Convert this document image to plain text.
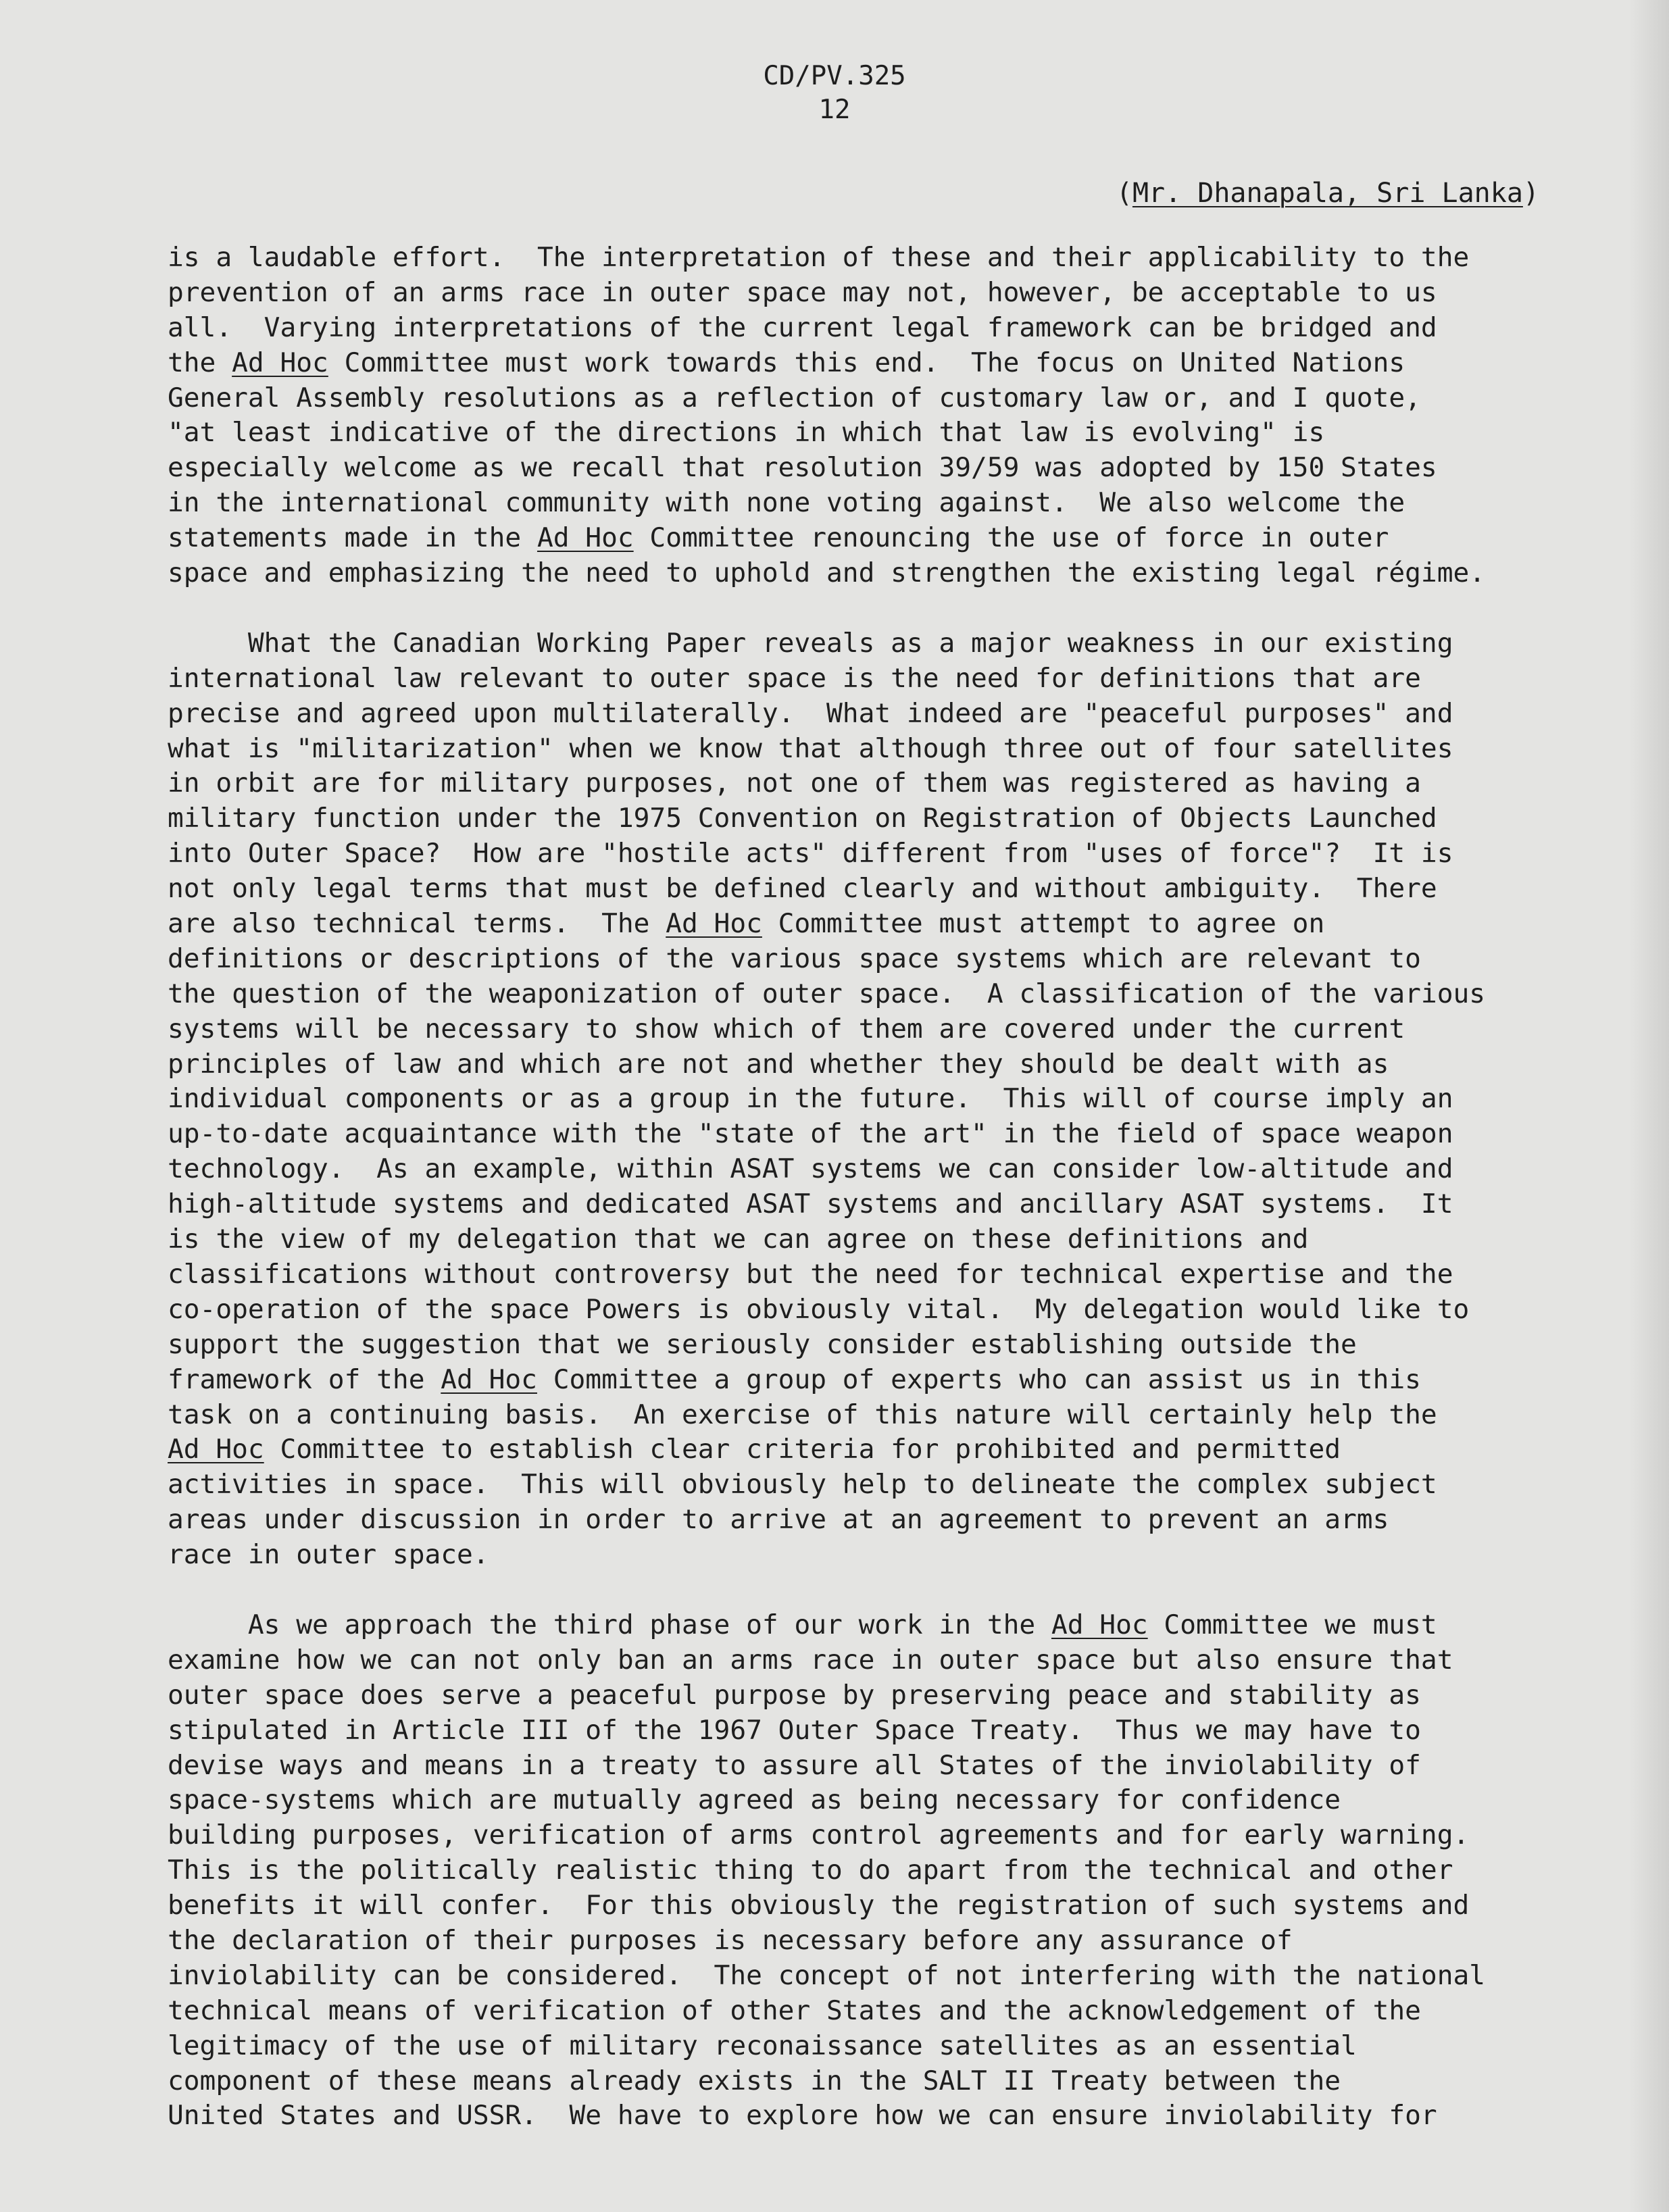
CD/PV.325
12
(Mr. Dhanapala, Sri Lanka)
is a laudable effort.  The interpretation of these and their applicability to the
prevention of an arms race in outer space may not, however, be acceptable to us
all.  Varying interpretations of the current legal framework can be bridged and
the Ad Hoc Committee must work towards this end.  The focus on United Nations
General Assembly resolutions as a reflection of customary law or, and I quote,
"at least indicative of the directions in which that law is evolving" is
especially welcome as we recall that resolution 39/59 was adopted by 150 States
in the international community with none voting against.  We also welcome the
statements made in the Ad Hoc Committee renouncing the use of force in outer
space and emphasizing the need to uphold and strengthen the existing legal régime.
What the Canadian Working Paper reveals as a major weakness in our existing
international law relevant to outer space is the need for definitions that are
precise and agreed upon multilaterally.  What indeed are "peaceful purposes" and
what is "militarization" when we know that although three out of four satellites
in orbit are for military purposes, not one of them was registered as having a
military function under the 1975 Convention on Registration of Objects Launched
into Outer Space?  How are "hostile acts" different from "uses of force"?  It is
not only legal terms that must be defined clearly and without ambiguity.  There
are also technical terms.  The Ad Hoc Committee must attempt to agree on
definitions or descriptions of the various space systems which are relevant to
the question of the weaponization of outer space.  A classification of the various
systems will be necessary to show which of them are covered under the current
principles of law and which are not and whether they should be dealt with as
individual components or as a group in the future.  This will of course imply an
up-to-date acquaintance with the "state of the art" in the field of space weapon
technology.  As an example, within ASAT systems we can consider low-altitude and
high-altitude systems and dedicated ASAT systems and ancillary ASAT systems.  It
is the view of my delegation that we can agree on these definitions and
classifications without controversy but the need for technical expertise and the
co-operation of the space Powers is obviously vital.  My delegation would like to
support the suggestion that we seriously consider establishing outside the
framework of the Ad Hoc Committee a group of experts who can assist us in this
task on a continuing basis.  An exercise of this nature will certainly help the
Ad Hoc Committee to establish clear criteria for prohibited and permitted
activities in space.  This will obviously help to delineate the complex subject
areas under discussion in order to arrive at an agreement to prevent an arms
race in outer space.
As we approach the third phase of our work in the Ad Hoc Committee we must
examine how we can not only ban an arms race in outer space but also ensure that
outer space does serve a peaceful purpose by preserving peace and stability as
stipulated in Article III of the 1967 Outer Space Treaty.  Thus we may have to
devise ways and means in a treaty to assure all States of the inviolability of
space-systems which are mutually agreed as being necessary for confidence
building purposes, verification of arms control agreements and for early warning.
This is the politically realistic thing to do apart from the technical and other
benefits it will confer.  For this obviously the registration of such systems and
the declaration of their purposes is necessary before any assurance of
inviolability can be considered.  The concept of not interfering with the national
technical means of verification of other States and the acknowledgement of the
legitimacy of the use of military reconaissance satellites as an essential
component of these means already exists in the SALT II Treaty between the
United States and USSR.  We have to explore how we can ensure inviolability for
